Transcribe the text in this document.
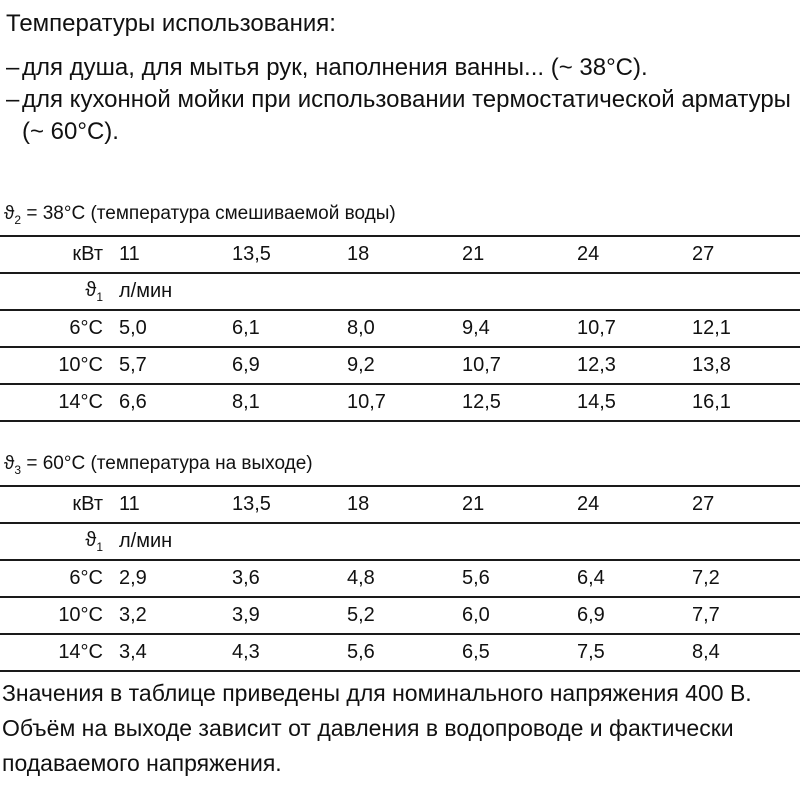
Температуры использования:
– для душа, для мытья рук, наполнения ванны... (~ 38°C).
– для кухонной мойки при использовании термостатической арматуры (~ 60°C).
$ϑ_2 = 38^\circ C$ (температура смешиваемой воды)
кВт	11	13,5	18	21	24	27
$ϑ_1$	л/мин					
6°C	5,0	6,1	8,0	9,4	10,7	12,1
10°C	5,7	6,9	9,2	10,7	12,3	13,8
14°C	6,6	8,1	10,7	12,5	14,5	16,1
$ϑ_3 = 60^\circ C$ (температура на выходе)
кВт	11	13,5	18	21	24	27
$ϑ_1$	л/мин					
6°C	2,9	3,6	4,8	5,6	6,4	7,2
10°C	3,2	3,9	5,2	6,0	6,9	7,7
14°C	3,4	4,3	5,6	6,5	7,5	8,4
Значения в таблице приведены для номинального напряжения 400 В.
Объём на выходе зависит от давления в водопроводе и фактически
подаваемого напряжения.
